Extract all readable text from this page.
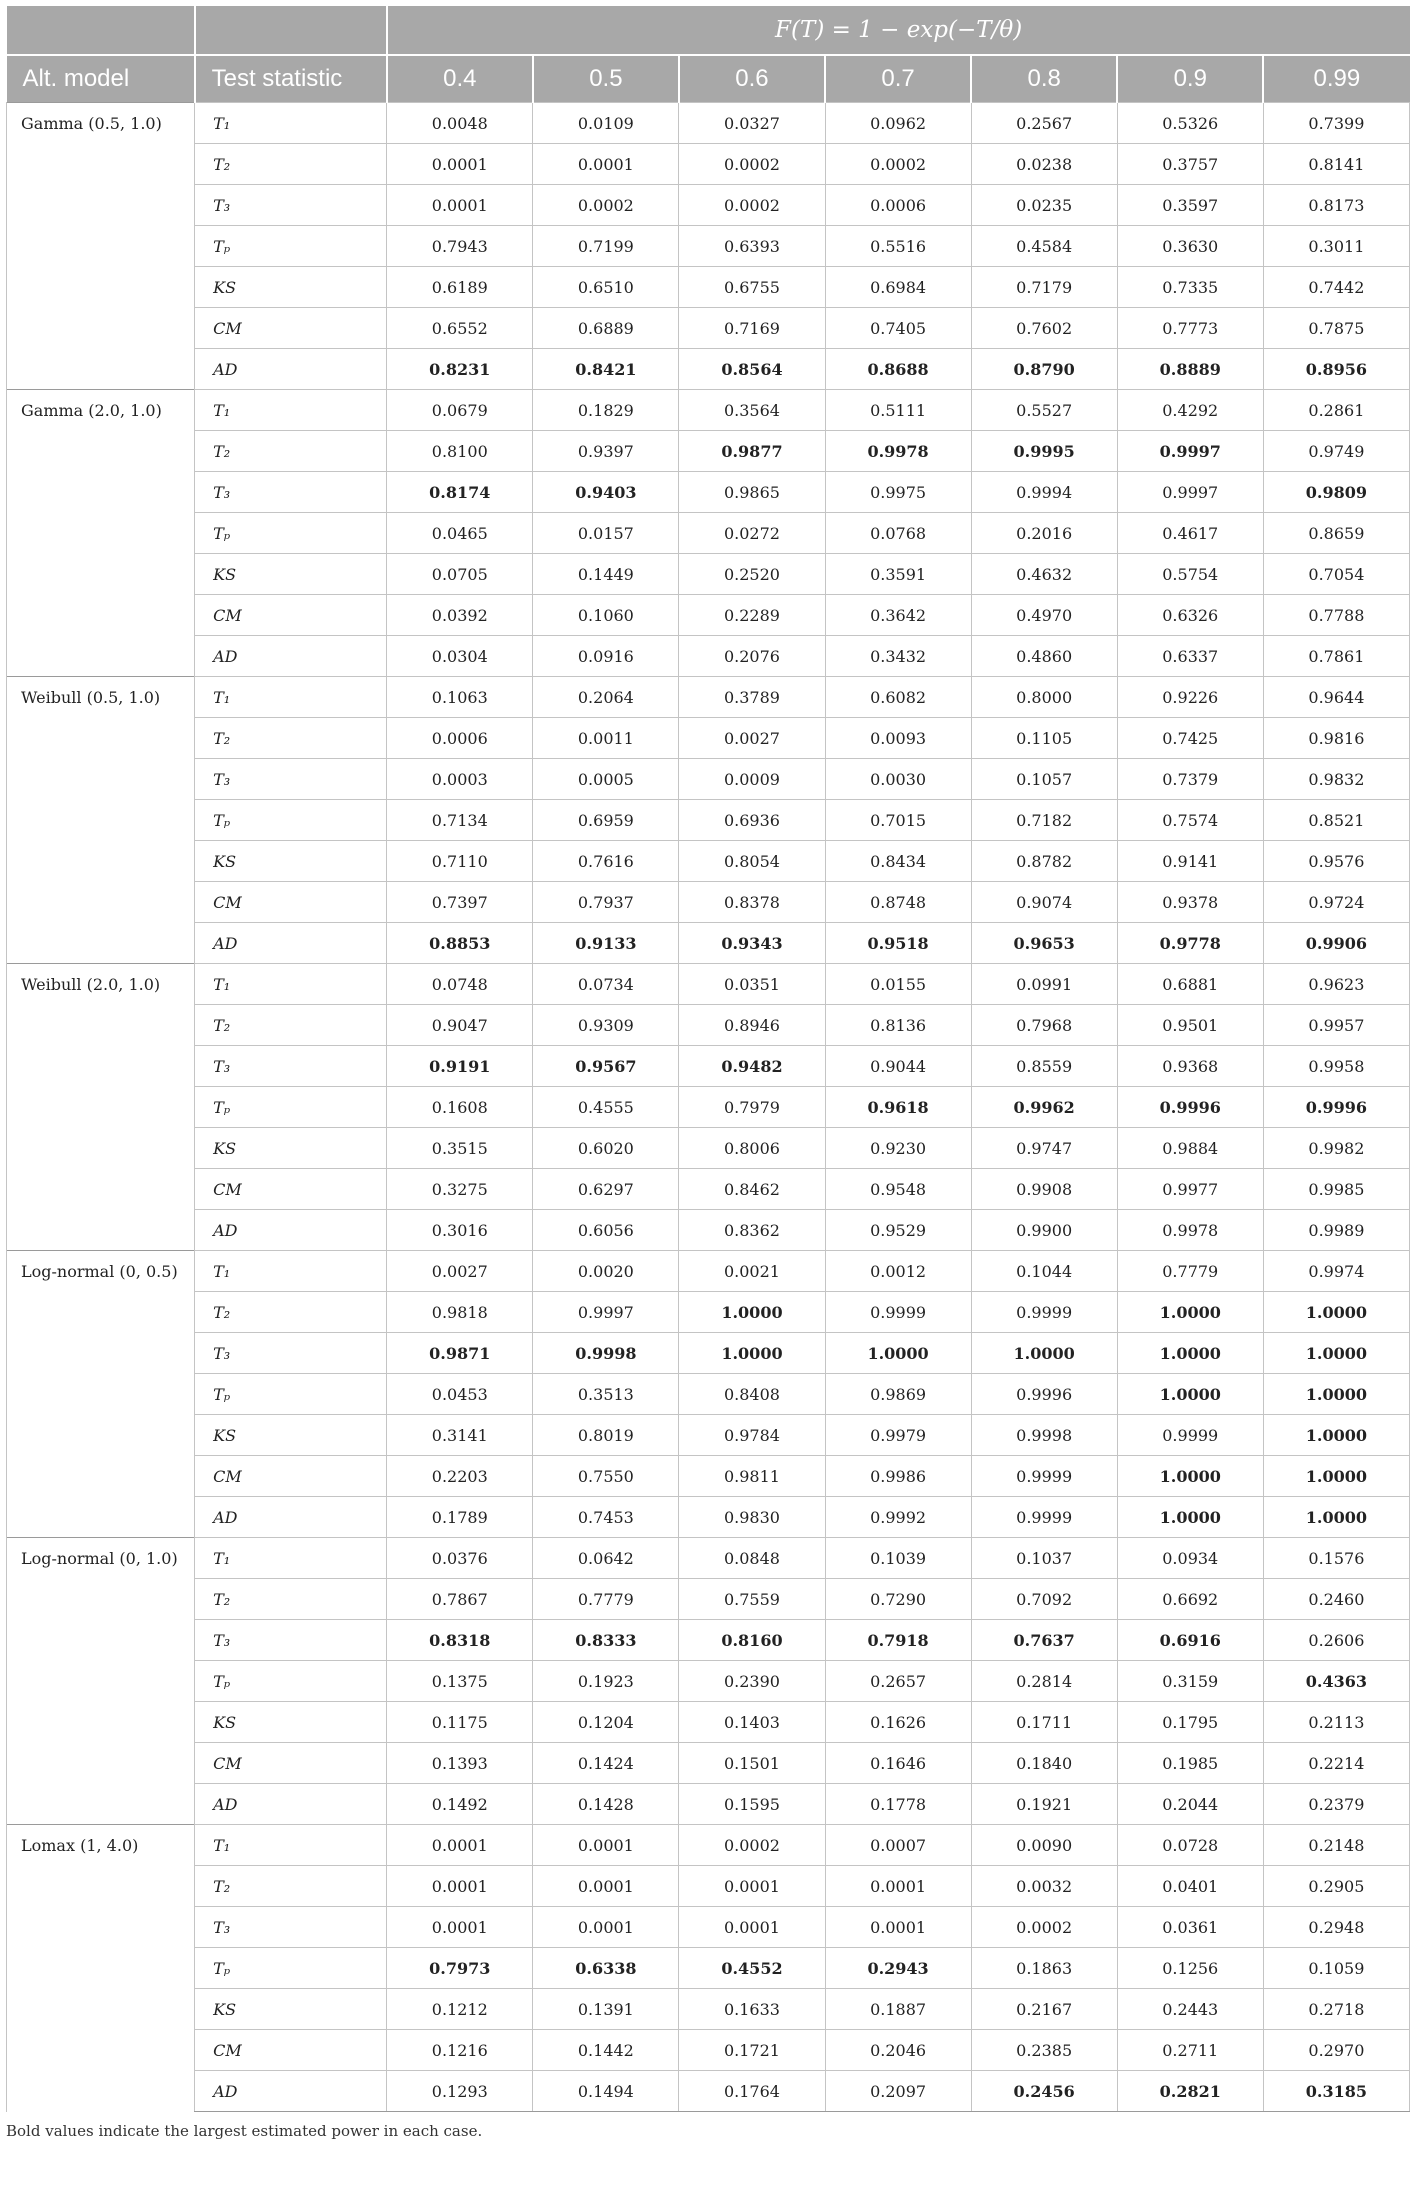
		F(T) = 1 − exp(−T/θ)						
Alt. model	Test statistic	0.4	0.5	0.6	0.7	0.8	0.9	0.99
Gamma (0.5, 1.0)	T₁	0.0048	0.0109	0.0327	0.0962	0.2567	0.5326	0.7399
	T₂	0.0001	0.0001	0.0002	0.0002	0.0238	0.3757	0.8141
	T₃	0.0001	0.0002	0.0002	0.0006	0.0235	0.3597	0.8173
	Tₚ	0.7943	0.7199	0.6393	0.5516	0.4584	0.3630	0.3011
	KS	0.6189	0.6510	0.6755	0.6984	0.7179	0.7335	0.7442
	CM	0.6552	0.6889	0.7169	0.7405	0.7602	0.7773	0.7875
	AD	0.8231	0.8421	0.8564	0.8688	0.8790	0.8889	0.8956
Gamma (2.0, 1.0)	T₁	0.0679	0.1829	0.3564	0.5111	0.5527	0.4292	0.2861
	T₂	0.8100	0.9397	0.9877	0.9978	0.9995	0.9997	0.9749
	T₃	0.8174	0.9403	0.9865	0.9975	0.9994	0.9997	0.9809
	Tₚ	0.0465	0.0157	0.0272	0.0768	0.2016	0.4617	0.8659
	KS	0.0705	0.1449	0.2520	0.3591	0.4632	0.5754	0.7054
	CM	0.0392	0.1060	0.2289	0.3642	0.4970	0.6326	0.7788
	AD	0.0304	0.0916	0.2076	0.3432	0.4860	0.6337	0.7861
Weibull (0.5, 1.0)	T₁	0.1063	0.2064	0.3789	0.6082	0.8000	0.9226	0.9644
	T₂	0.0006	0.0011	0.0027	0.0093	0.1105	0.7425	0.9816
	T₃	0.0003	0.0005	0.0009	0.0030	0.1057	0.7379	0.9832
	Tₚ	0.7134	0.6959	0.6936	0.7015	0.7182	0.7574	0.8521
	KS	0.7110	0.7616	0.8054	0.8434	0.8782	0.9141	0.9576
	CM	0.7397	0.7937	0.8378	0.8748	0.9074	0.9378	0.9724
	AD	0.8853	0.9133	0.9343	0.9518	0.9653	0.9778	0.9906
Weibull (2.0, 1.0)	T₁	0.0748	0.0734	0.0351	0.0155	0.0991	0.6881	0.9623
	T₂	0.9047	0.9309	0.8946	0.8136	0.7968	0.9501	0.9957
	T₃	0.9191	0.9567	0.9482	0.9044	0.8559	0.9368	0.9958
	Tₚ	0.1608	0.4555	0.7979	0.9618	0.9962	0.9996	0.9996
	KS	0.3515	0.6020	0.8006	0.9230	0.9747	0.9884	0.9982
	CM	0.3275	0.6297	0.8462	0.9548	0.9908	0.9977	0.9985
	AD	0.3016	0.6056	0.8362	0.9529	0.9900	0.9978	0.9989
Log-normal (0, 0.5)	T₁	0.0027	0.0020	0.0021	0.0012	0.1044	0.7779	0.9974
	T₂	0.9818	0.9997	1.0000	0.9999	0.9999	1.0000	1.0000
	T₃	0.9871	0.9998	1.0000	1.0000	1.0000	1.0000	1.0000
	Tₚ	0.0453	0.3513	0.8408	0.9869	0.9996	1.0000	1.0000
	KS	0.3141	0.8019	0.9784	0.9979	0.9998	0.9999	1.0000
	CM	0.2203	0.7550	0.9811	0.9986	0.9999	1.0000	1.0000
	AD	0.1789	0.7453	0.9830	0.9992	0.9999	1.0000	1.0000
Log-normal (0, 1.0)	T₁	0.0376	0.0642	0.0848	0.1039	0.1037	0.0934	0.1576
	T₂	0.7867	0.7779	0.7559	0.7290	0.7092	0.6692	0.2460
	T₃	0.8318	0.8333	0.8160	0.7918	0.7637	0.6916	0.2606
	Tₚ	0.1375	0.1923	0.2390	0.2657	0.2814	0.3159	0.4363
	KS	0.1175	0.1204	0.1403	0.1626	0.1711	0.1795	0.2113
	CM	0.1393	0.1424	0.1501	0.1646	0.1840	0.1985	0.2214
	AD	0.1492	0.1428	0.1595	0.1778	0.1921	0.2044	0.2379
Lomax (1, 4.0)	T₁	0.0001	0.0001	0.0002	0.0007	0.0090	0.0728	0.2148
	T₂	0.0001	0.0001	0.0001	0.0001	0.0032	0.0401	0.2905
	T₃	0.0001	0.0001	0.0001	0.0001	0.0002	0.0361	0.2948
	Tₚ	0.7973	0.6338	0.4552	0.2943	0.1863	0.1256	0.1059
	KS	0.1212	0.1391	0.1633	0.1887	0.2167	0.2443	0.2718
	CM	0.1216	0.1442	0.1721	0.2046	0.2385	0.2711	0.2970
	AD	0.1293	0.1494	0.1764	0.2097	0.2456	0.2821	0.3185
Bold values indicate the largest estimated power in each case.
